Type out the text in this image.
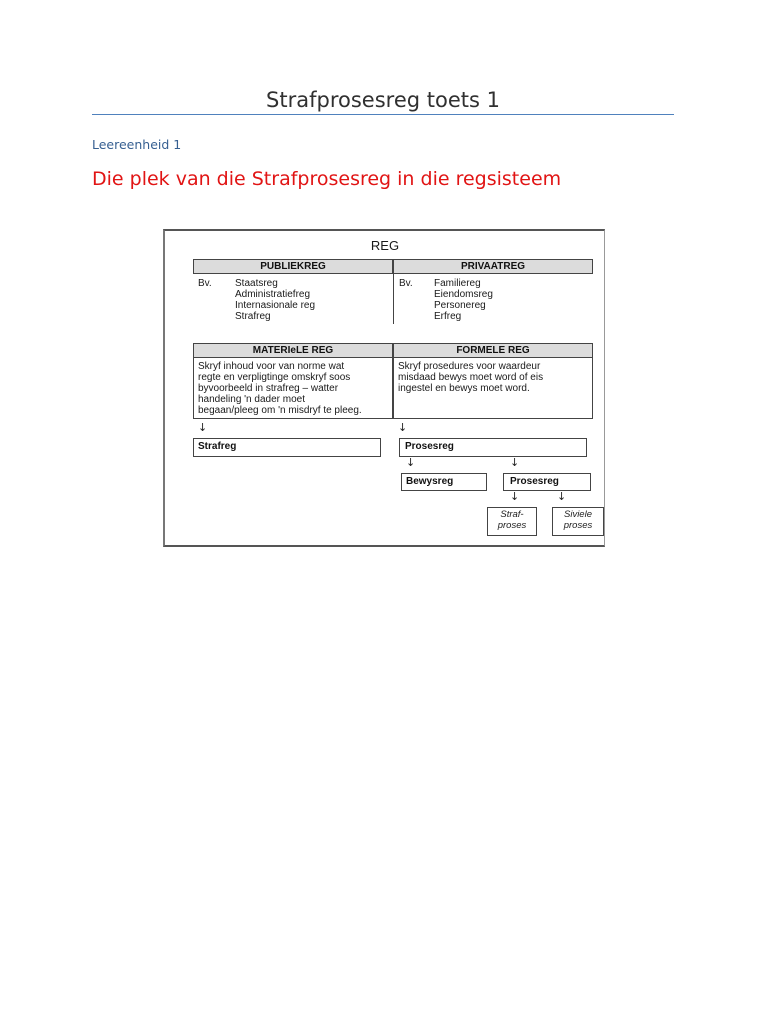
Strafprosesreg toets 1
Leereenheid 1
Die plek van die Strafprosesreg in die regsisteem
REG
PUBLIEKREG	PRIVAATREG
Bv. Staatsreg
Administratiefreg
Internasionale reg
Strafreg
Bv. Familiereg
Eiendomsreg
Personereg
Erfreg
MATERIeLE REG	FORMELE REG
Skryf inhoud voor van norme wat
regte en verpligtinge omskryf soos
byvoorbeeld in strafreg – watter
handeling 'n dader moet
begaan/pleeg om 'n misdryf te pleeg.
Skryf prosedures voor waardeur
misdaad bewys moet word of eis
ingestel en bewys moet word.
↓	↓
Strafreg	Prosesreg
↓	↓
Bewysreg	Prosesreg
↓	↓
Straf-
proses
Siviele
proses
